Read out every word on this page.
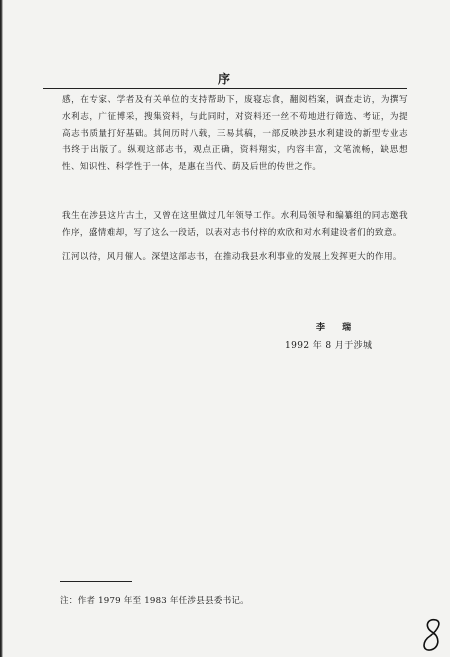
序

感，在专家、学者及有关单位的支持帮助下，废寝忘食，翻阅档案，调查走访，为撰写水利志，广征博采，搜集资料，与此同时，对资料还一丝不苟地进行筛选、考证，为提高志书质量打好基础。其间历时八载，三易其稿，一部反映涉县水利建设的新型专业志书终于出版了。纵观这部志书，观点正确，资料翔实，内容丰富，文笔流畅，缺思想性、知识性、科学性于一体，是惠在当代、荫及后世的传世之作。

我生在涉县这片古土，又曾在这里做过几年领导工作。水利局领导和编纂组的同志邀我作序，盛情难却，写了这么一段话，以表对志书付梓的欢欣和对水利建设者们的致意。

江河以待，风月催人。深望这部志书，在推动我县水利事业的发展上发挥更大的作用。

李 瑞
1992 年 8 月于涉城
注：作者 1979 年至 1983 年任涉县县委书记。
